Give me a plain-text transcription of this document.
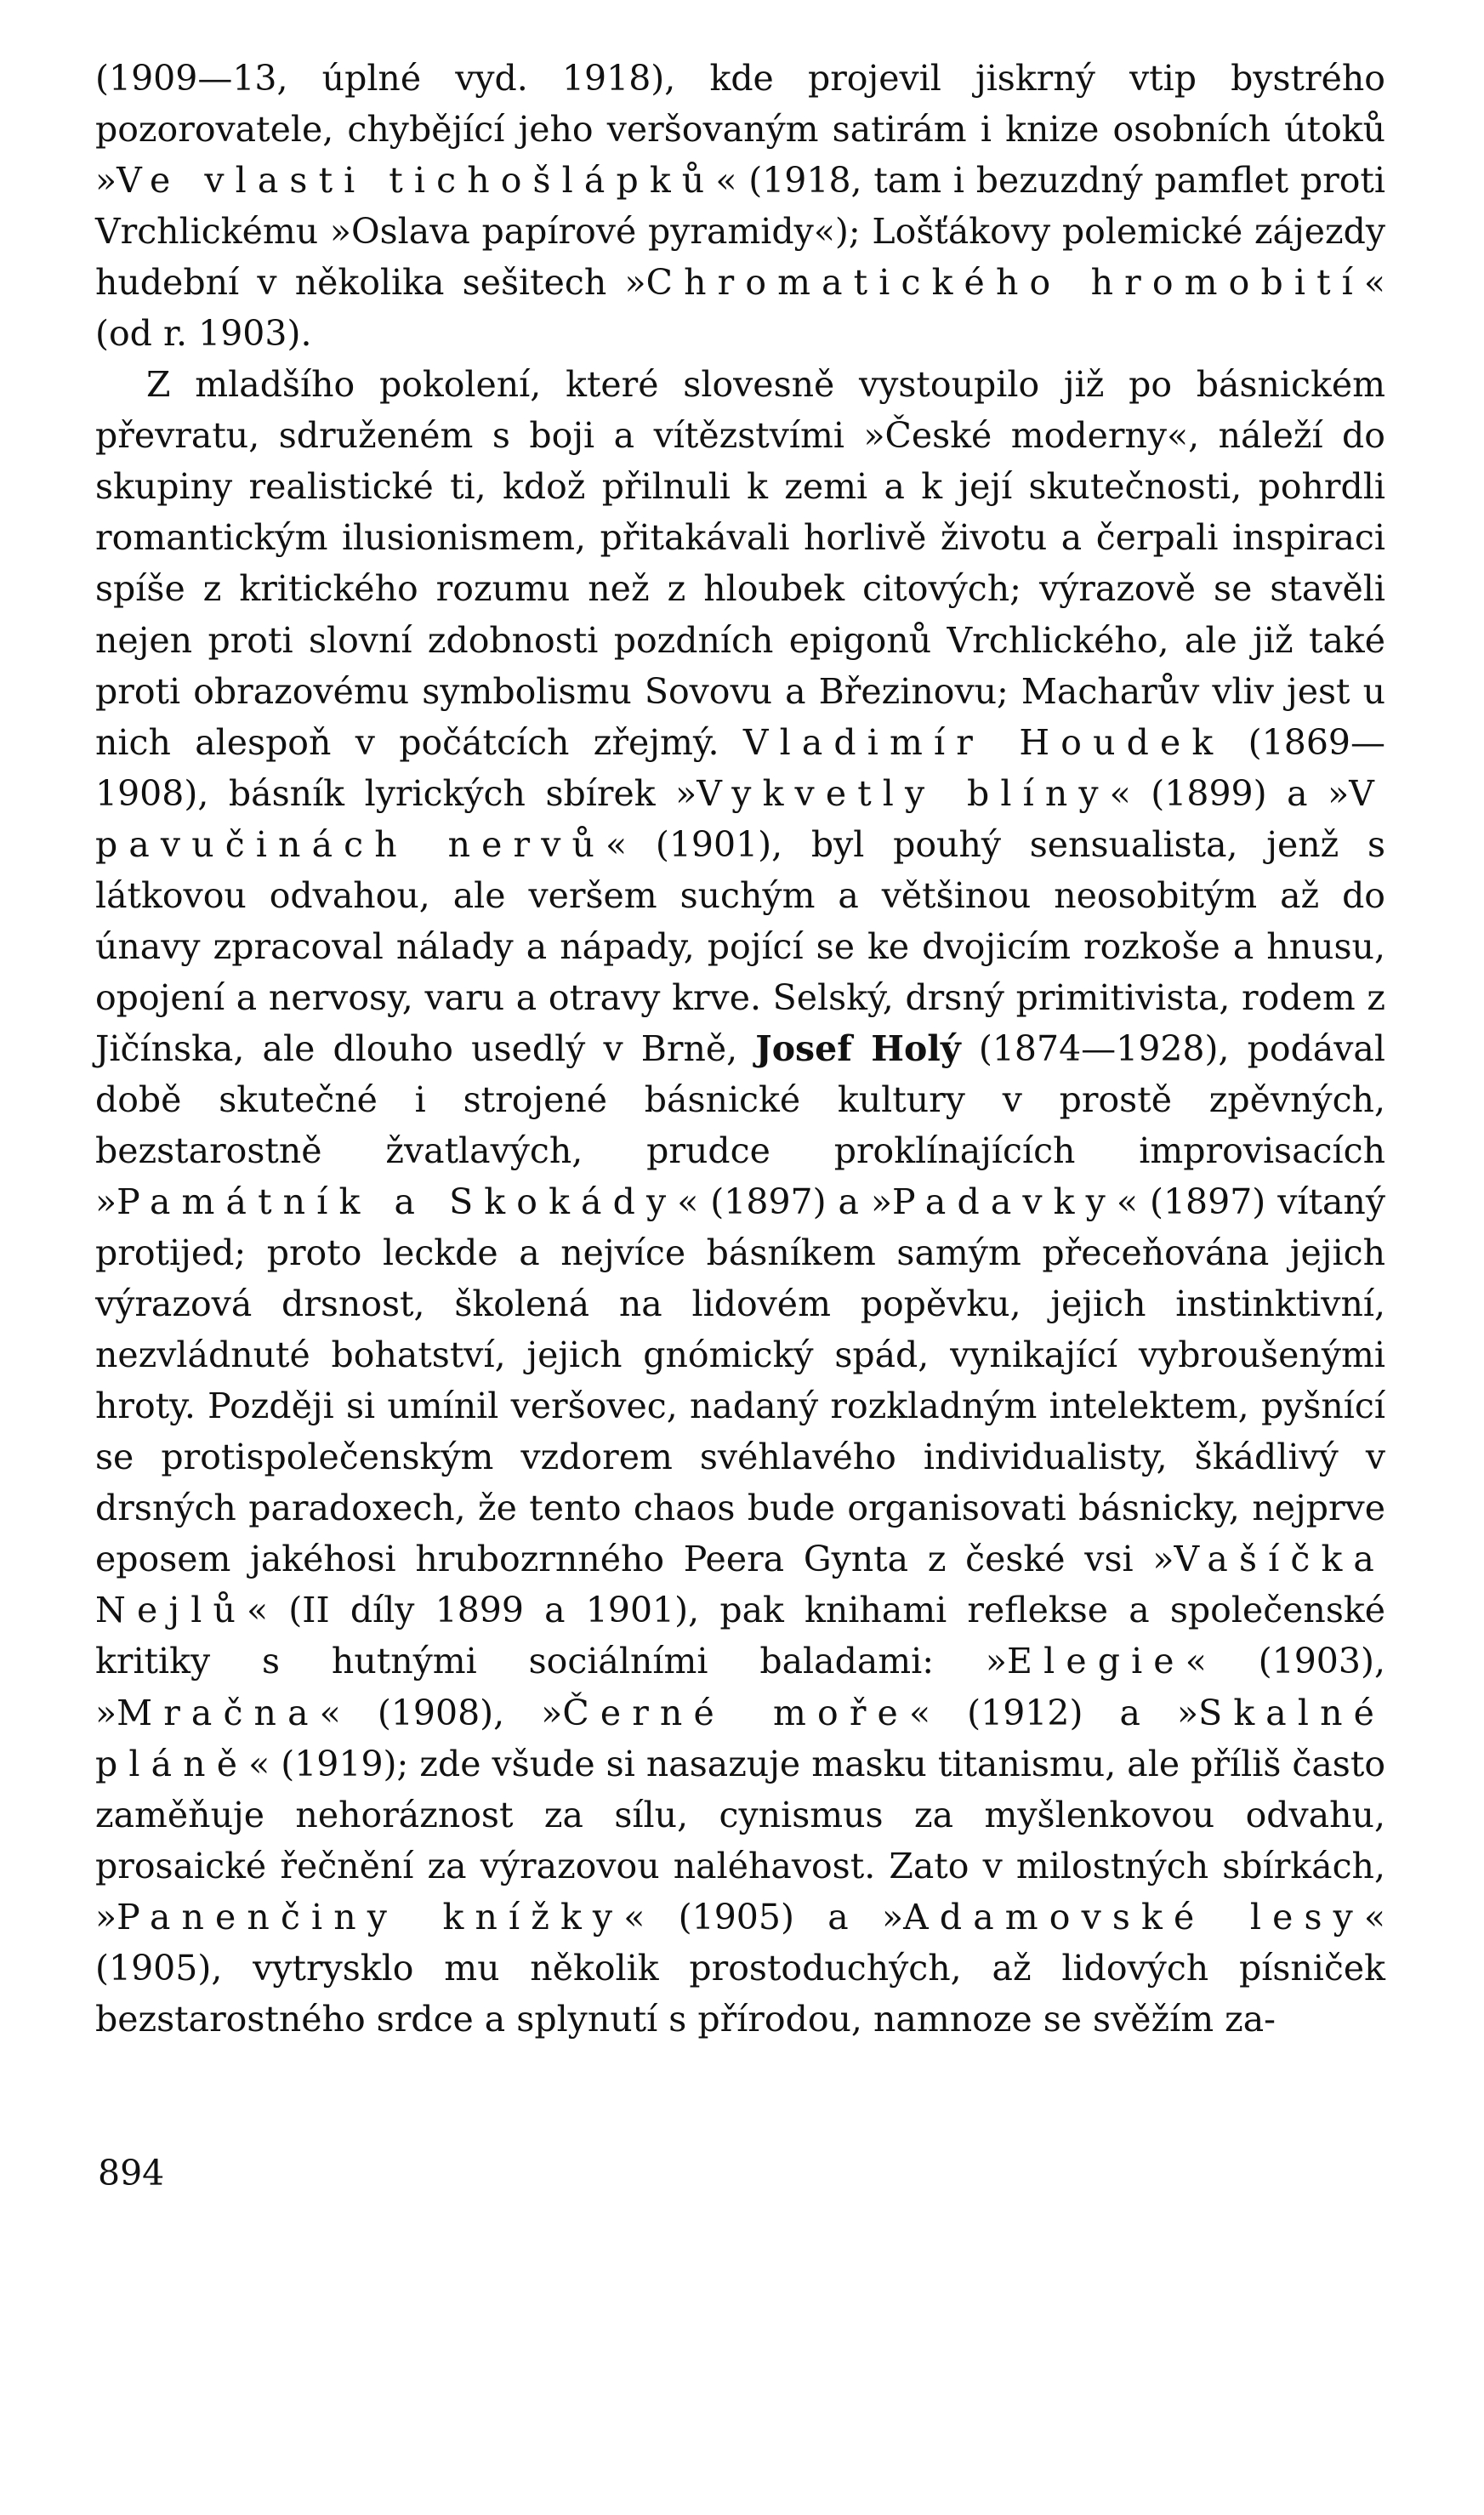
(1909—13, úplné vyd. 1918), kde projevil jiskrný vtip bystrého pozorovatele, chybějící jeho veršovaným satirám i knize osobních útoků »Ve vlasti tichošlápků« (1918, tam i bezuzdný pamflet proti Vrchlickému »Oslava papírové pyramidy«); Lošťákovy polemické zájezdy hudební v několika sešitech »Chromatického hromobití« (od r. 1903).

Z mladšího pokolení, které slovesně vystoupilo již po básnickém převratu, sdruženém s boji a vítězstvími »České moderny«, náleží do skupiny realistické ti, kdož přilnuli k zemi a k její skutečnosti, pohrdli romantickým ilusionismem, přitakávali horlivě životu a čerpali inspiraci spíše z kritického rozumu než z hloubek citových; výrazově se stavěli nejen proti slovní zdobnosti pozdních epigonů Vrchlického, ale již také proti obrazovému symbolismu Sovovu a Březinovu; Macharův vliv jest u nich alespoň v počátcích zřejmý. Vladimír Houdek (1869—1908), básník lyrických sbírek »Vykvetly blíny« (1899) a »V pavučinách nervů« (1901), byl pouhý sensualista, jenž s látkovou odvahou, ale veršem suchým a většinou neosobitým až do únavy zpracoval nálady a nápady, pojící se ke dvojicím rozkoše a hnusu, opojení a nervosy, varu a otravy krve. Selský, drsný primitivista, rodem z Jičínska, ale dlouho usedlý v Brně, Josef Holý (1874—1928), podával době skutečné i strojené básnické kultury v prostě zpěvných, bezstarostně žvatlavých, prudce proklínajících improvisacích »Památník a Skokády« (1897) a »Padavky« (1897) vítaný protijed; proto leckde a nejvíce básníkem samým přeceňována jejich výrazová drsnost, školená na lidovém popěvku, jejich instinktivní, nezvládnuté bohatství, jejich gnómický spád, vynikající vybroušenými hroty. Později si umínil veršovec, nadaný rozkladným intelektem, pyšnící se protispolečenským vzdorem svéhlavého individualisty, škádlivý v drsných paradoxech, že tento chaos bude organisovati básnicky, nejprve eposem jakéhosi hrubozrnného Peera Gynta z české vsi »Vašíčka Nejlů« (II díly 1899 a 1901), pak knihami reflekse a společenské kritiky s hutnými sociálními baladami: »Elegie« (1903), »Mračna« (1908), »Černé moře« (1912) a »Skalné pláně« (1919); zde všude si nasazuje masku titanismu, ale příliš často zaměňuje nehoráznost za sílu, cynismus za myšlenkovou odvahu, prosaické řečnění za výrazovou naléhavost. Zato v milostných sbírkách, »Panenčiny knížky« (1905) a »Adamovské lesy« (1905), vytrysklo mu několik prostoduchých, až lidových písniček bezstarostného srdce a splynutí s přírodou, namnoze se svěžím za-

894
